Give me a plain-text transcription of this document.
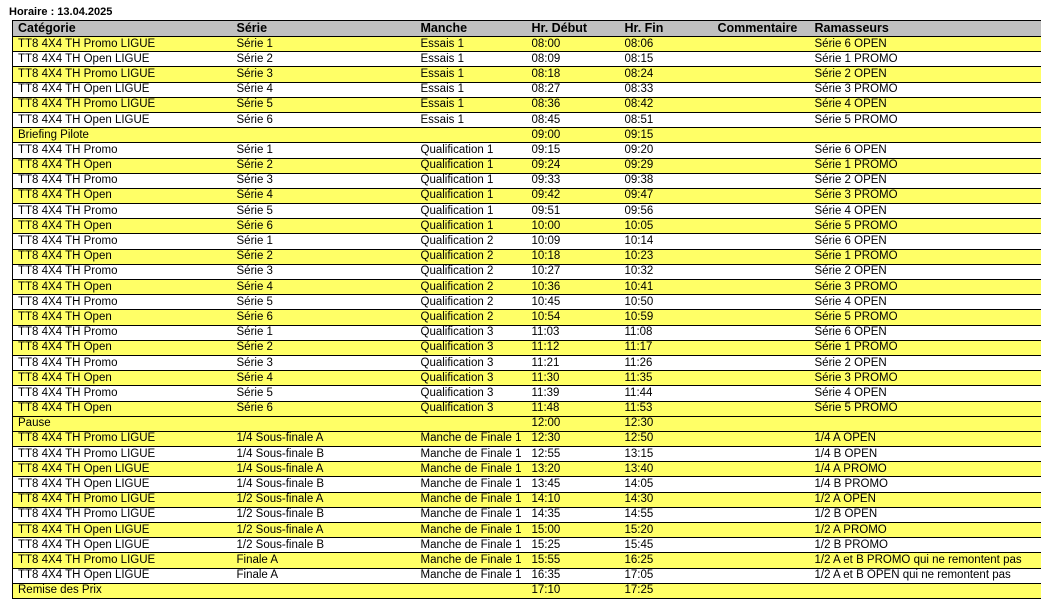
Horaire : 13.04.2025
Catégorie	Série	Manche	Hr. Début	Hr. Fin	Commentaire	Ramasseurs
TT8 4X4 TH Promo LIGUE	Série 1	Essais 1	08:00	08:06		Série 6 OPEN
TT8 4X4 TH Open LIGUE	Série 2	Essais 1	08:09	08:15		Série 1 PROMO
TT8 4X4 TH Promo LIGUE	Série 3	Essais 1	08:18	08:24		Série 2 OPEN
TT8 4X4 TH Open LIGUE	Série 4	Essais 1	08:27	08:33		Série 3 PROMO
TT8 4X4 TH Promo LIGUE	Série 5	Essais 1	08:36	08:42		Série 4 OPEN
TT8 4X4 TH Open LIGUE	Série 6	Essais 1	08:45	08:51		Série 5 PROMO
Briefing Pilote			09:00	09:15		
TT8 4X4 TH Promo	Série 1	Qualification 1	09:15	09:20		Série 6 OPEN
TT8 4X4 TH Open	Série 2	Qualification 1	09:24	09:29		Série 1 PROMO
TT8 4X4 TH Promo	Série 3	Qualification 1	09:33	09:38		Série 2 OPEN
TT8 4X4 TH Open	Série 4	Qualification 1	09:42	09:47		Série 3 PROMO
TT8 4X4 TH Promo	Série 5	Qualification 1	09:51	09:56		Série 4 OPEN
TT8 4X4 TH Open	Série 6	Qualification 1	10:00	10:05		Série 5 PROMO
TT8 4X4 TH Promo	Série 1	Qualification 2	10:09	10:14		Série 6 OPEN
TT8 4X4 TH Open	Série 2	Qualification 2	10:18	10:23		Série 1 PROMO
TT8 4X4 TH Promo	Série 3	Qualification 2	10:27	10:32		Série 2 OPEN
TT8 4X4 TH Open	Série 4	Qualification 2	10:36	10:41		Série 3 PROMO
TT8 4X4 TH Promo	Série 5	Qualification 2	10:45	10:50		Série 4 OPEN
TT8 4X4 TH Open	Série 6	Qualification 2	10:54	10:59		Série 5 PROMO
TT8 4X4 TH Promo	Série 1	Qualification 3	11:03	11:08		Série 6 OPEN
TT8 4X4 TH Open	Série 2	Qualification 3	11:12	11:17		Série 1 PROMO
TT8 4X4 TH Promo	Série 3	Qualification 3	11:21	11:26		Série 2 OPEN
TT8 4X4 TH Open	Série 4	Qualification 3	11:30	11:35		Série 3 PROMO
TT8 4X4 TH Promo	Série 5	Qualification 3	11:39	11:44		Série 4 OPEN
TT8 4X4 TH Open	Série 6	Qualification 3	11:48	11:53		Série 5 PROMO
Pause			12:00	12:30		
TT8 4X4 TH Promo LIGUE	1/4 Sous-finale A	Manche de Finale 1	12:30	12:50		1/4 A OPEN
TT8 4X4 TH Promo LIGUE	1/4 Sous-finale B	Manche de Finale 1	12:55	13:15		1/4 B OPEN
TT8 4X4 TH Open LIGUE	1/4 Sous-finale A	Manche de Finale 1	13:20	13:40		1/4 A PROMO
TT8 4X4 TH Open LIGUE	1/4 Sous-finale B	Manche de Finale 1	13:45	14:05		1/4 B PROMO
TT8 4X4 TH Promo LIGUE	1/2 Sous-finale A	Manche de Finale 1	14:10	14:30		1/2 A OPEN
TT8 4X4 TH Promo LIGUE	1/2 Sous-finale B	Manche de Finale 1	14:35	14:55		1/2 B OPEN
TT8 4X4 TH Open LIGUE	1/2 Sous-finale A	Manche de Finale 1	15:00	15:20		1/2 A PROMO
TT8 4X4 TH Open LIGUE	1/2 Sous-finale B	Manche de Finale 1	15:25	15:45		1/2 B PROMO
TT8 4X4 TH Promo LIGUE	Finale A	Manche de Finale 1	15:55	16:25		1/2 A et B PROMO qui ne remontent pas
TT8 4X4 TH Open LIGUE	Finale A	Manche de Finale 1	16:35	17:05		1/2 A et B OPEN qui ne remontent pas
Remise des Prix			17:10	17:25		
